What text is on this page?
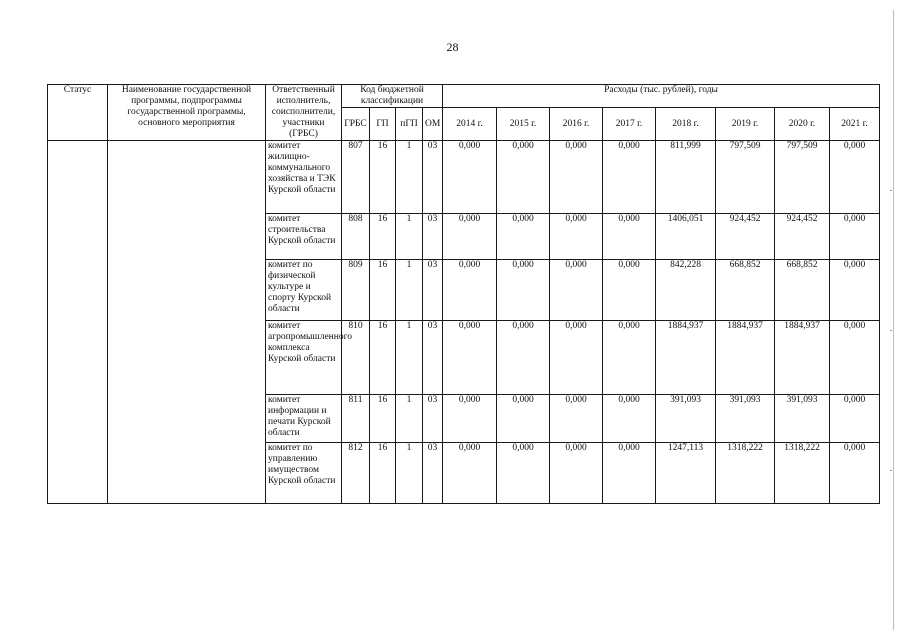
28
Статус	Наименование государственной программы, подпрограммы государственной программы, основного мероприятия	Ответственный исполнитель, соисполнители, участники (ГРБС)	Код бюджетной классификации				Расходы (тыс. рублей), годы							
			ГРБС	ГП	пГП	ОМ	2014 г.	2015 г.	2016 г.	2017 г.	2018 г.	2019 г.	2020 г.	2021 г.
		комитет жилищно-коммунального хозяйства и ТЭК Курской области	807	16	1	03	0,000	0,000	0,000	0,000	811,999	797,509	797,509	0,000
		комитет строительства Курской области	808	16	1	03	0,000	0,000	0,000	0,000	1406,051	924,452	924,452	0,000
		комитет по физической культуре и спорту Курской области	809	16	1	03	0,000	0,000	0,000	0,000	842,228	668,852	668,852	0,000
		комитет агропромышленного комплекса Курской области	810	16	1	03	0,000	0,000	0,000	0,000	1884,937	1884,937	1884,937	0,000
		комитет информации и печати Курской области	811	16	1	03	0,000	0,000	0,000	0,000	391,093	391,093	391,093	0,000
		комитет по управлению имуществом Курской области	812	16	1	03	0,000	0,000	0,000	0,000	1247,113	1318,222	1318,222	0,000
